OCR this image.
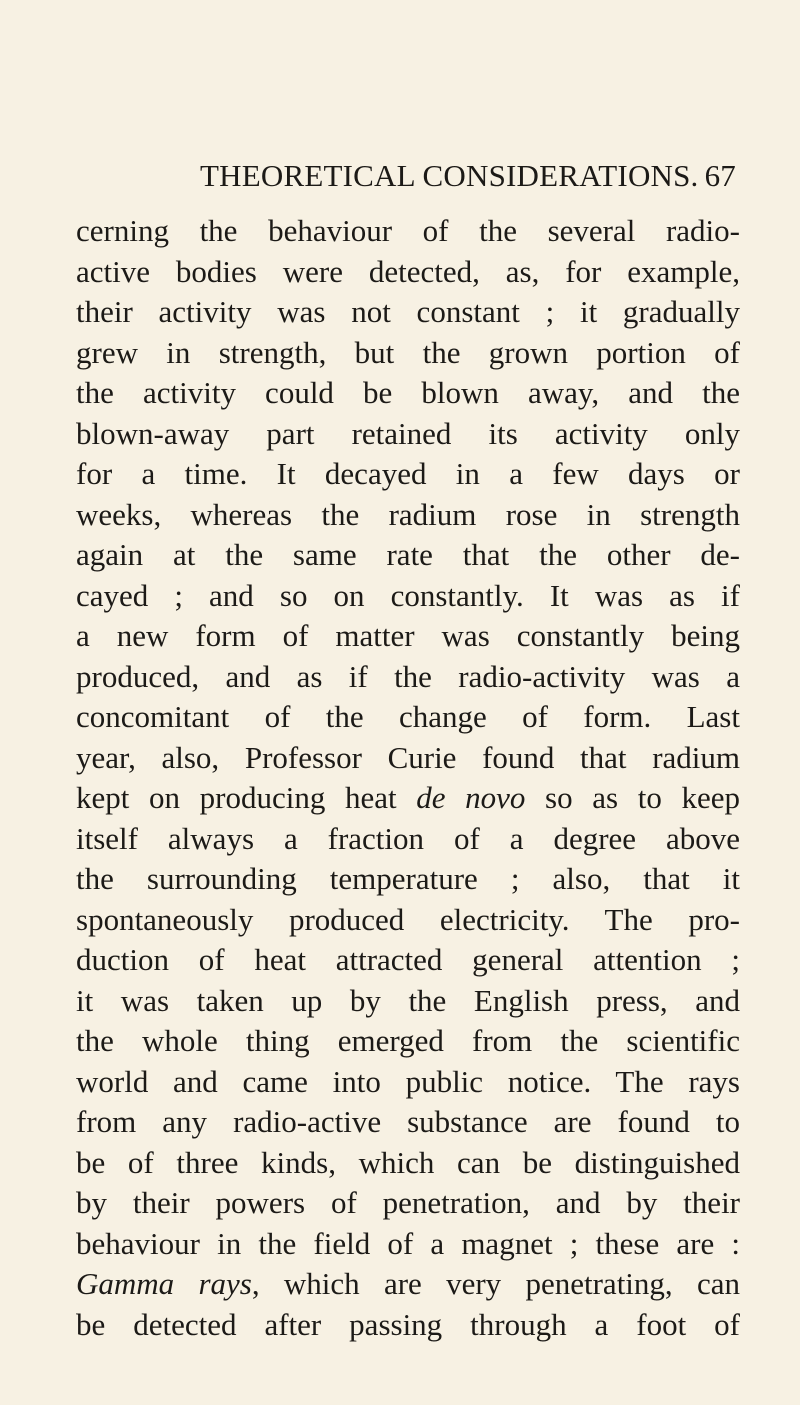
THEORETICAL CONSIDERATIONS. 67
cerning the behaviour of the several radio-
active bodies were detected, as, for example,
their activity was not constant ; it gradually
grew in strength, but the grown portion of
the activity could be blown away, and the
blown-away part retained its activity only
for a time. It decayed in a few days or
weeks, whereas the radium rose in strength
again at the same rate that the other de-
cayed ; and so on constantly. It was as if
a new form of matter was constantly being
produced, and as if the radio-activity was a
concomitant of the change of form. Last
year, also, Professor Curie found that radium
kept on producing heat de novo so as to keep
itself always a fraction of a degree above
the surrounding temperature ; also, that it
spontaneously produced electricity. The pro-
duction of heat attracted general attention ;
it was taken up by the English press, and
the whole thing emerged from the scientific
world and came into public notice. The rays
from any radio-active substance are found to
be of three kinds, which can be distinguished
by their powers of penetration, and by their
behaviour in the field of a magnet ; these are :
Gamma rays, which are very penetrating, can
be detected after passing through a foot of
